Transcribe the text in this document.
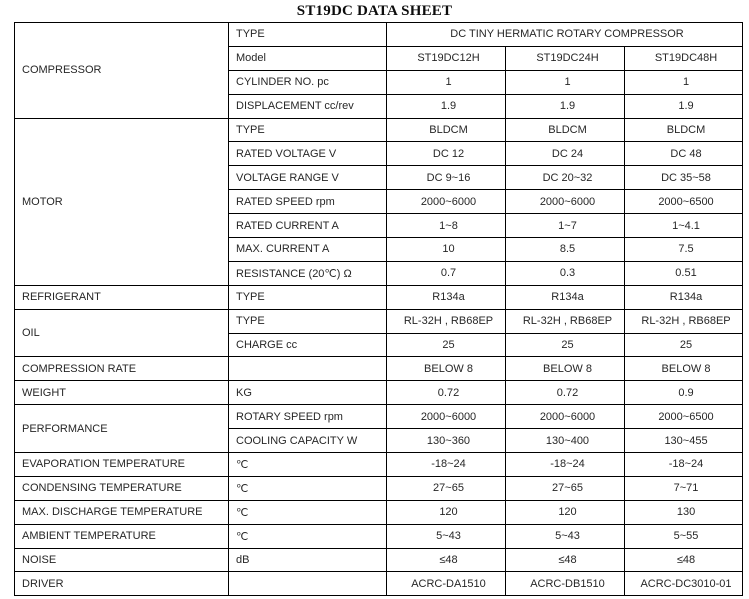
ST19DC DATA SHEET
COMPRESSOR	TYPE	DC TINY HERMATIC ROTARY COMPRESSOR		
	Model	ST19DC12H	ST19DC24H	ST19DC48H
	CYLINDER NO. pc	1	1	1
	DISPLACEMENT cc/rev	1.9	1.9	1.9
MOTOR	TYPE	BLDCM	BLDCM	BLDCM
	RATED VOLTAGE V	DC 12	DC 24	DC 48
	VOLTAGE RANGE V	DC 9~16	DC 20~32	DC 35~58
	RATED SPEED rpm	2000~6000	2000~6000	2000~6500
	RATED CURRENT A	1~8	1~7	1~4.1
	MAX. CURRENT A	10	8.5	7.5
	RESISTANCE (20℃) Ω	0.7	0.3	0.51
REFRIGERANT	TYPE	R134a	R134a	R134a
OIL	TYPE	RL-32H , RB68EP	RL-32H , RB68EP	RL-32H , RB68EP
	CHARGE cc	25	25	25
COMPRESSION RATE		BELOW 8	BELOW 8	BELOW 8
WEIGHT	KG	0.72	0.72	0.9
PERFORMANCE	ROTARY SPEED rpm	2000~6000	2000~6000	2000~6500
	COOLING CAPACITY W	130~360	130~400	130~455
EVAPORATION TEMPERATURE	℃	-18~24	-18~24	-18~24
CONDENSING TEMPERATURE	℃	27~65	27~65	7~71
MAX. DISCHARGE TEMPERATURE	℃	120	120	130
AMBIENT TEMPERATURE	℃	5~43	5~43	5~55
NOISE	dB	≤48	≤48	≤48
DRIVER		ACRC-DA1510	ACRC-DB1510	ACRC-DC3010-01
